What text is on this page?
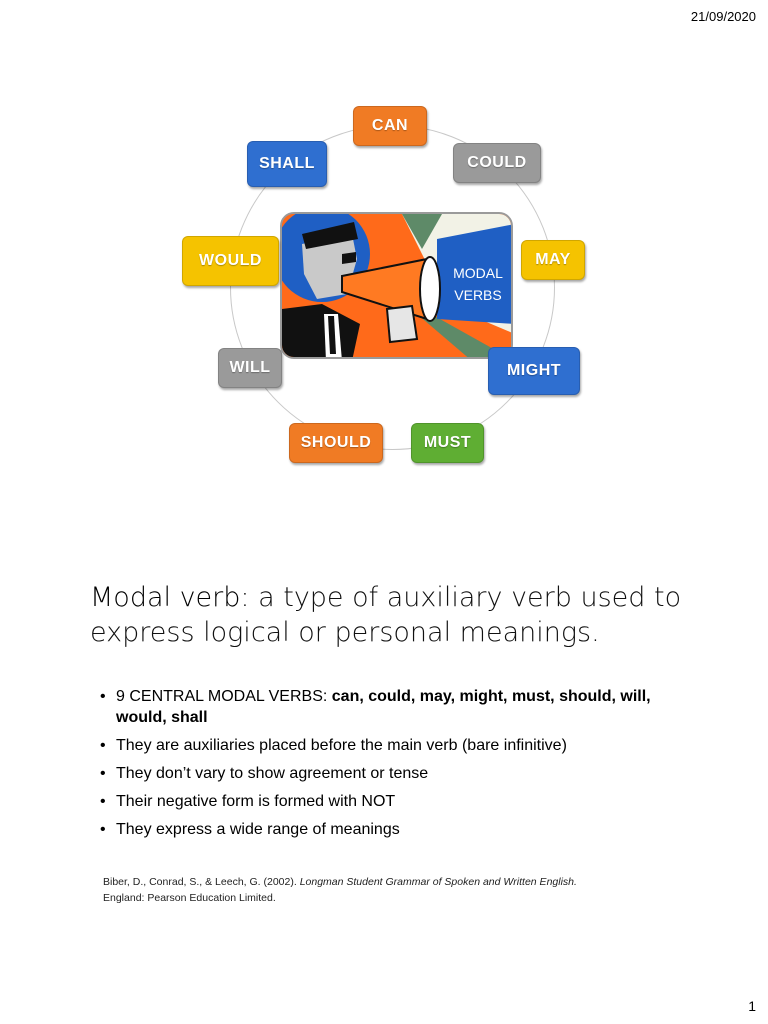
21/09/2020
MODAL
VERBS
CAN
COULD
MAY
MIGHT
MUST
SHOULD
WILL
WOULD
SHALL
Modal verb: a type of auxiliary verb used to express logical or personal meanings.
• 9 CENTRAL MODAL VERBS: can, could, may, might, must, should, will, would, shall
• They are auxiliaries placed before the main verb (bare infinitive)
• They don’t vary to show agreement or tense
• Their negative form is formed with NOT
• They express a wide range of meanings
Biber, D., Conrad, S., & Leech, G. (2002). Longman Student Grammar of Spoken and Written English.
England: Pearson Education Limited.
1
